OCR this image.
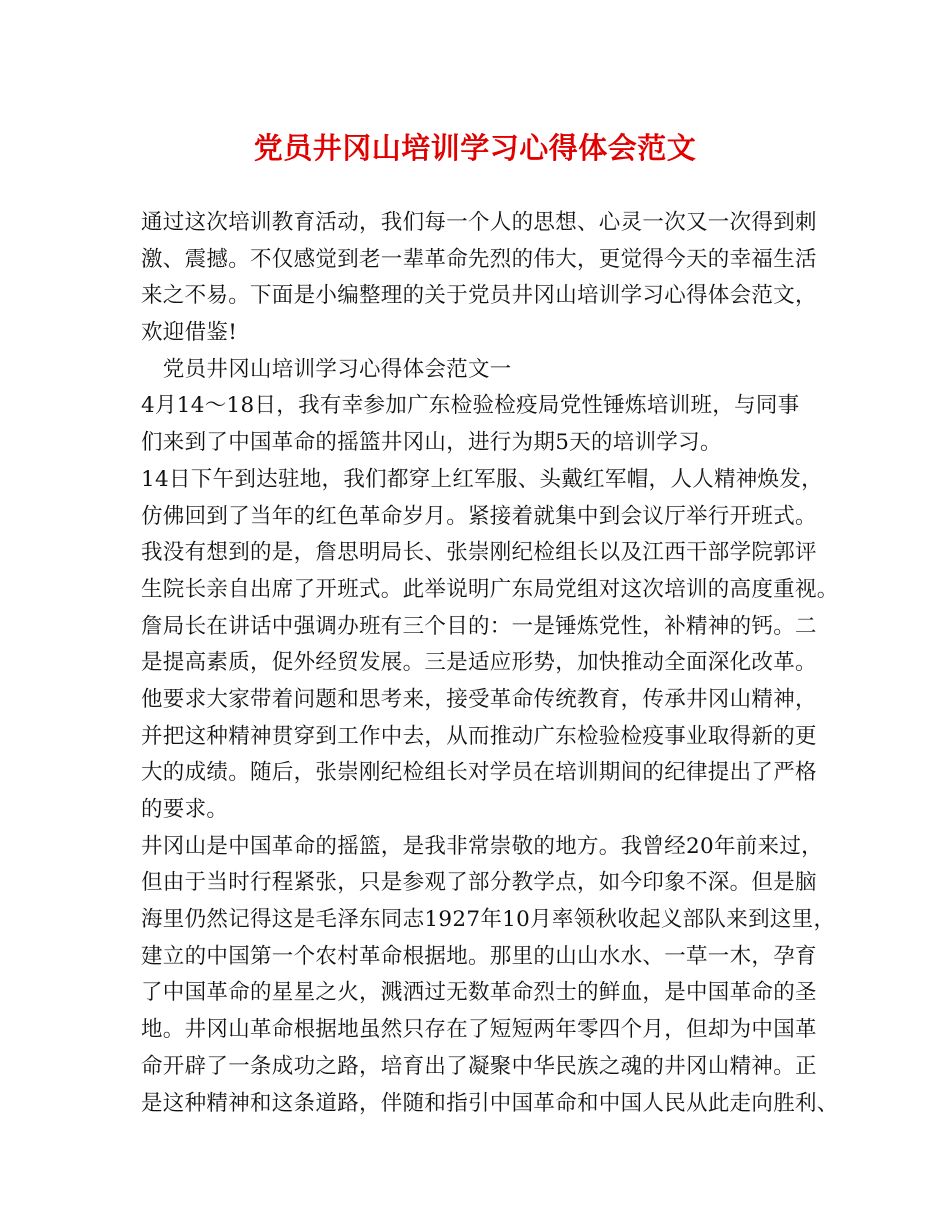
党员井冈山培训学习心得体会范文
通过这次培训教育活动，我们每一个人的思想、心灵一次又一次得到刺
激、震撼。不仅感觉到老一辈革命先烈的伟大，更觉得今天的幸福生活
来之不易。下面是小编整理的关于党员井冈山培训学习心得体会范文，
欢迎借鉴!
　党员井冈山培训学习心得体会范文一
4月14～18日，我有幸参加广东检验检疫局党性锤炼培训班，与同事
们来到了中国革命的摇篮井冈山，进行为期5天的培训学习。
14日下午到达驻地，我们都穿上红军服、头戴红军帽，人人精神焕发，
仿佛回到了当年的红色革命岁月。紧接着就集中到会议厅举行开班式。
我没有想到的是，詹思明局长、张崇刚纪检组长以及江西干部学院郭评
生院长亲自出席了开班式。此举说明广东局党组对这次培训的高度重视。
詹局长在讲话中强调办班有三个目的：一是锤炼党性，补精神的钙。二
是提高素质，促外经贸发展。三是适应形势，加快推动全面深化改革。
他要求大家带着问题和思考来，接受革命传统教育，传承井冈山精神，
并把这种精神贯穿到工作中去，从而推动广东检验检疫事业取得新的更
大的成绩。随后，张崇刚纪检组长对学员在培训期间的纪律提出了严格
的要求。
井冈山是中国革命的摇篮，是我非常崇敬的地方。我曾经20年前来过，
但由于当时行程紧张，只是参观了部分教学点，如今印象不深。但是脑
海里仍然记得这是毛泽东同志1927年10月率领秋收起义部队来到这里，
建立的中国第一个农村革命根据地。那里的山山水水、一草一木，孕育
了中国革命的星星之火，溅洒过无数革命烈士的鲜血，是中国革命的圣
地。井冈山革命根据地虽然只存在了短短两年零四个月，但却为中国革
命开辟了一条成功之路，培育出了凝聚中华民族之魂的井冈山精神。正
是这种精神和这条道路，伴随和指引中国革命和中国人民从此走向胜利、
